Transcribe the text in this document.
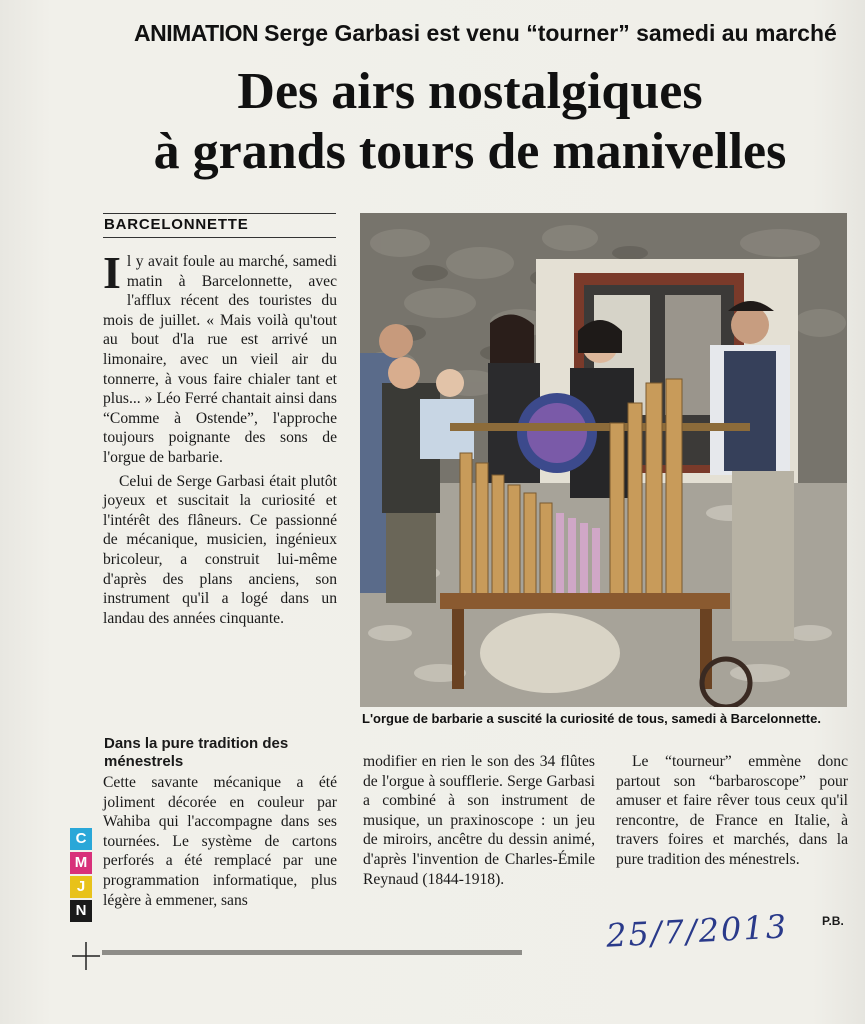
ANIMATION Serge Garbasi est venu “tourner” samedi au marché
Des airs nostalgiques
à grands tours de manivelles
BARCELONNETTE

Il y avait foule au marché, samedi matin à Barcelonnette, avec l'afflux récent des touristes du mois de juillet. « Mais voilà qu'tout au bout d'la rue est arrivé un limonaire, avec un vieil air du tonnerre, à vous faire chialer tant et plus... » Léo Ferré chantait ainsi dans “Comme à Ostende”, l'approche toujours poignante des sons de l'orgue de barbarie.

Celui de Serge Garbasi était plutôt joyeux et suscitait la curiosité et l'intérêt des flâneurs. Ce passionné de mécanique, musicien, ingénieux bricoleur, a construit lui-même d'après des plans anciens, son instrument qu'il a logé dans un landau des années cinquante.

Dans la pure tradition des ménestrels

Cette savante mécanique a été joliment décorée en couleur par Wahiba qui l'accompagne dans ses tournées. Le système de cartons perforés a été remplacé par une programmation informatique, plus légère à emmener, sans

modifier en rien le son des 34 flûtes de l'orgue à soufflerie. Serge Garbasi a combiné à son instrument de musique, un praxinoscope : un jeu de miroirs, ancêtre du dessin animé, d'après l'invention de Charles-Émile Reynaud (1844-1918).

Le “tourneur” emmène donc partout son “barbaroscope” pour amuser et faire rêver tous ceux qu'il rencontre, de France en Italie, à travers foires et marchés, dans la pure tradition des ménestrels.

L'orgue de barbarie a suscité la curiosité de tous, samedi à Barcelonnette.
P.B.
25/7/2013
C
M
J
N
